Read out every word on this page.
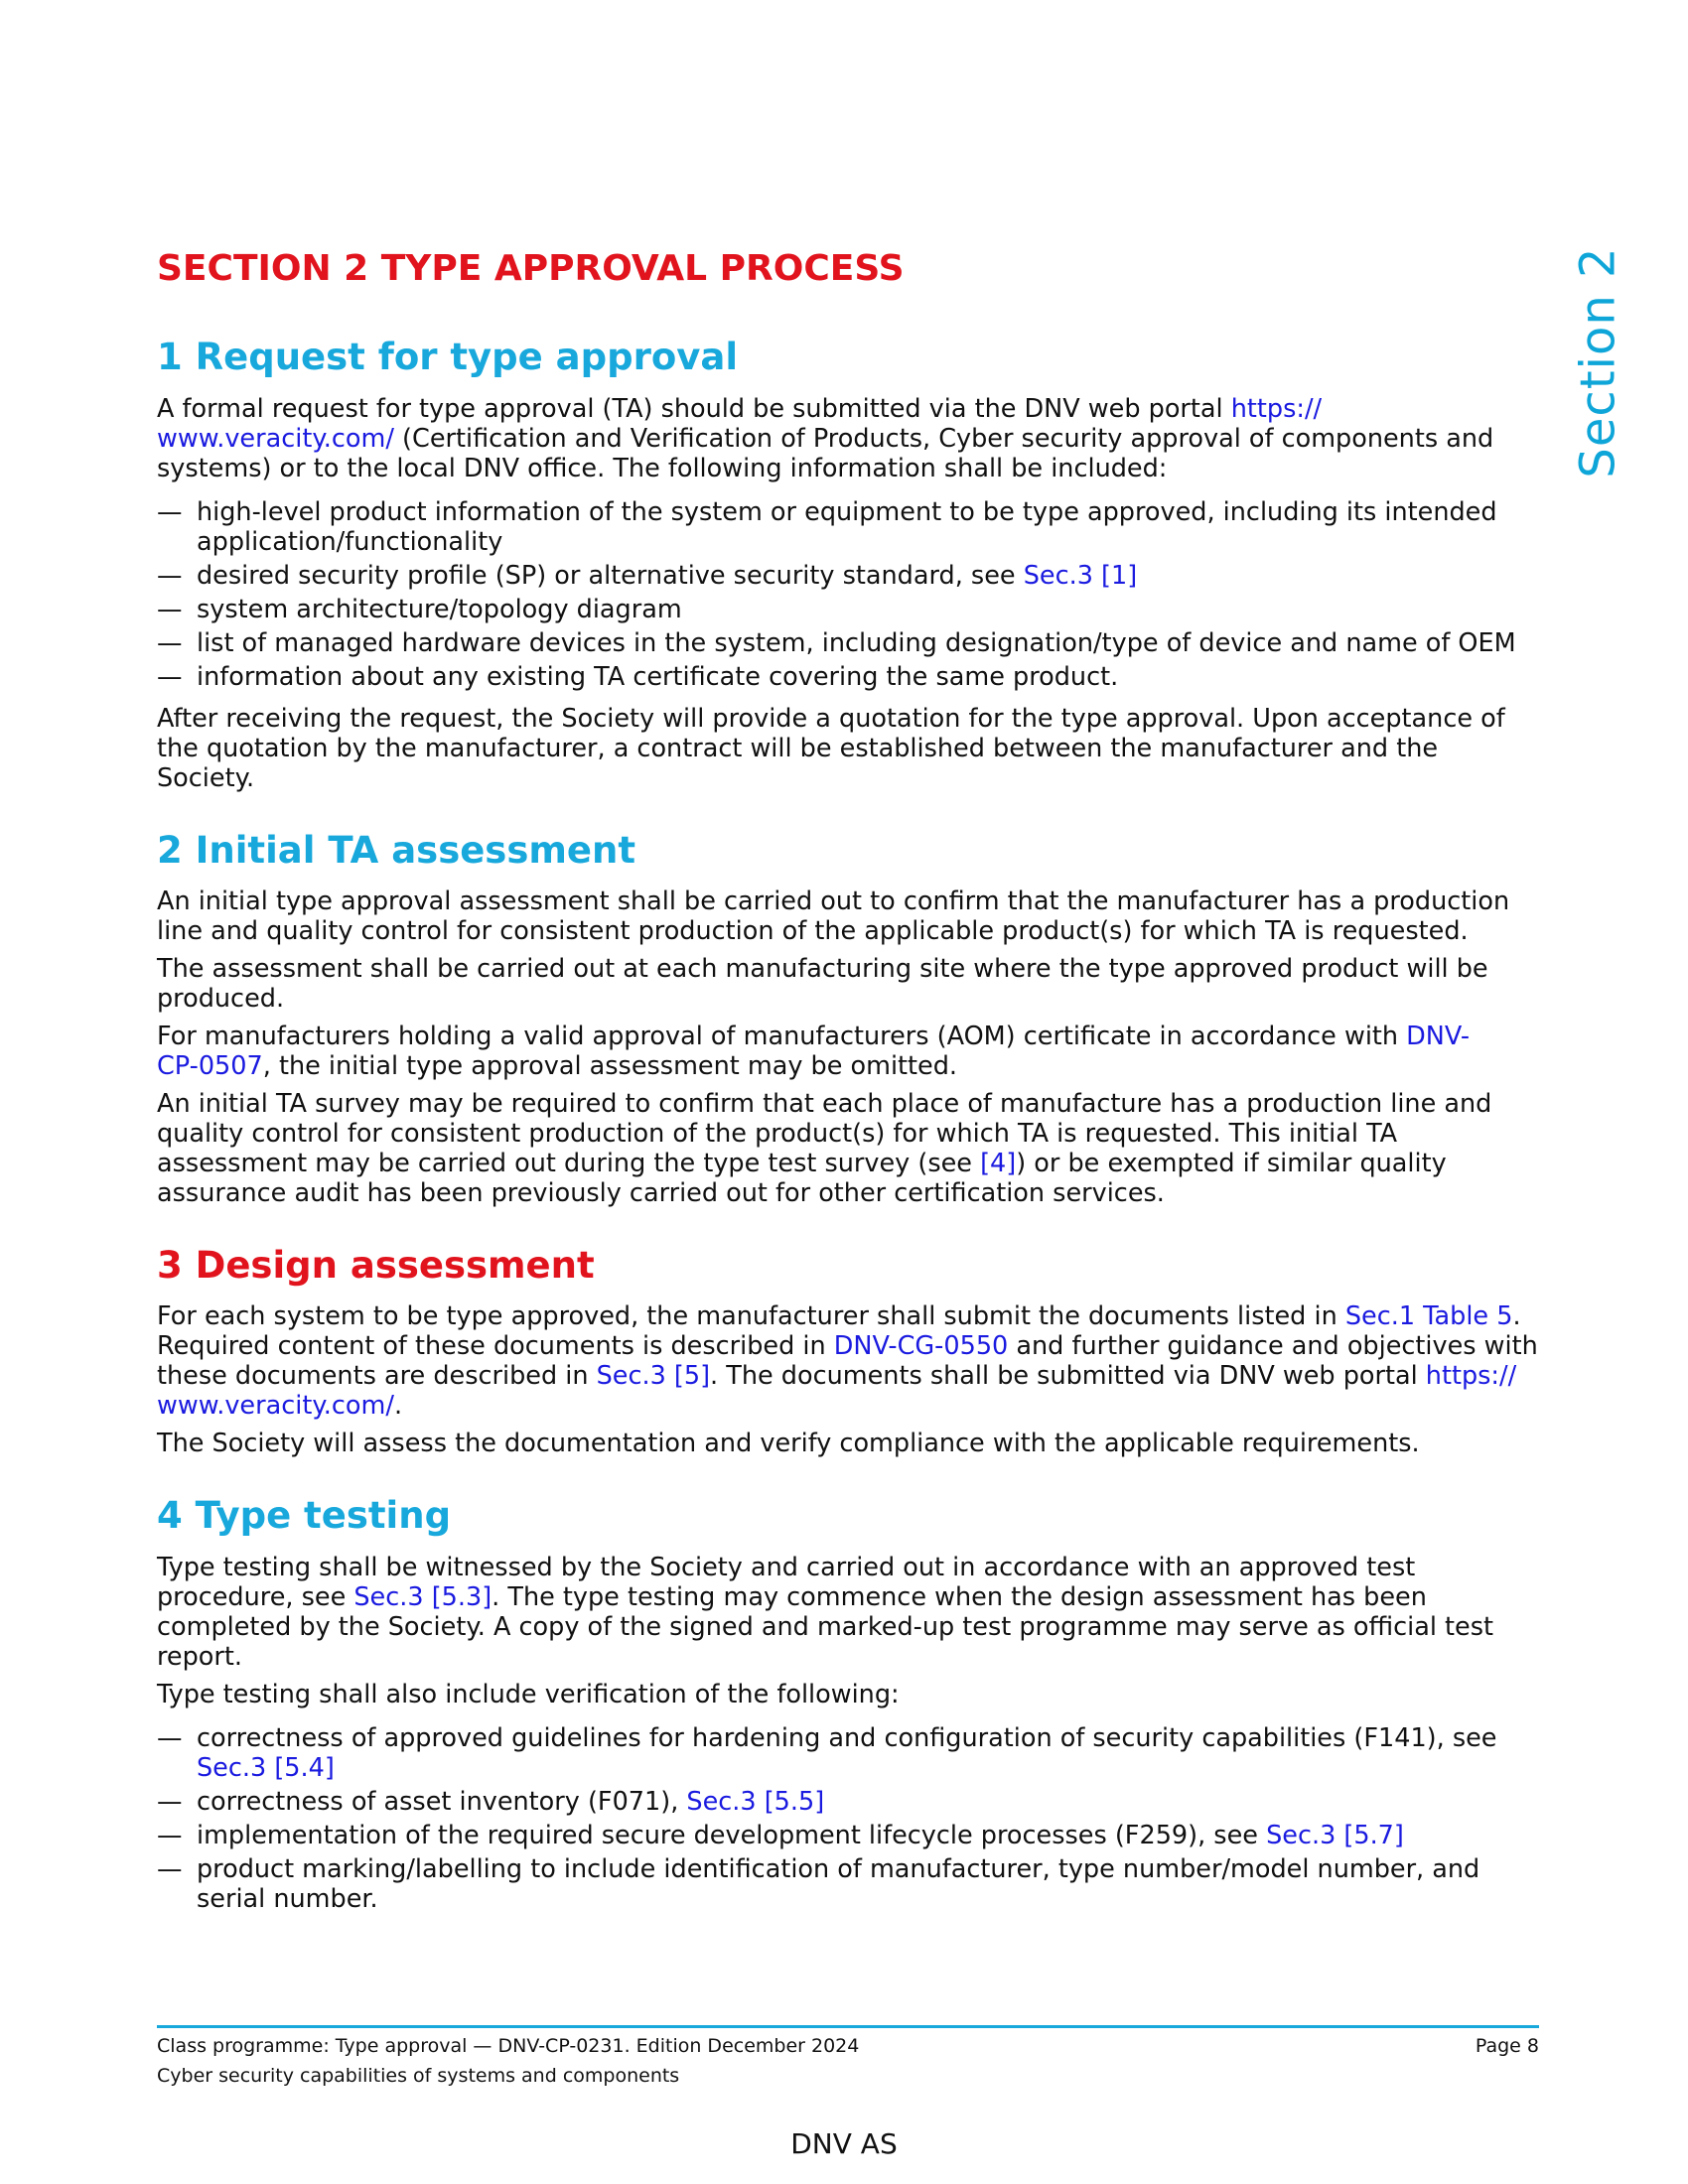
Section 2
SECTION 2 TYPE APPROVAL PROCESS
1 Request for type approval

A formal request for type approval (TA) should be submitted via the DNV web portal https://
www.veracity.com/ (Certification and Verification of Products, Cyber security approval of components and systems) or to the local DNV office. The following information shall be included:

— high-level product information of the system or equipment to be type approved, including its intended application/functionality
— desired security profile (SP) or alternative security standard, see Sec.3 [1]
— system architecture/topology diagram
— list of managed hardware devices in the system, including designation/type of device and name of OEM
— information about any existing TA certificate covering the same product.

After receiving the request, the Society will provide a quotation for the type approval. Upon acceptance of the quotation by the manufacturer, a contract will be established between the manufacturer and the Society.

2 Initial TA assessment

An initial type approval assessment shall be carried out to confirm that the manufacturer has a production line and quality control for consistent production of the applicable product(s) for which TA is requested.

The assessment shall be carried out at each manufacturing site where the type approved product will be produced.

For manufacturers holding a valid approval of manufacturers (AOM) certificate in accordance with DNV-
CP-0507, the initial type approval assessment may be omitted.

An initial TA survey may be required to confirm that each place of manufacture has a production line and quality control for consistent production of the product(s) for which TA is requested. This initial TA assessment may be carried out during the type test survey (see [4]) or be exempted if similar quality assurance audit has been previously carried out for other certification services.

3 Design assessment

For each system to be type approved, the manufacturer shall submit the documents listed in Sec.1 Table 5. Required content of these documents is described in DNV-CG-0550 and further guidance and objectives with these documents are described in Sec.3 [5]. The documents shall be submitted via DNV web portal https://
www.veracity.com/.

The Society will assess the documentation and verify compliance with the applicable requirements.

4 Type testing

Type testing shall be witnessed by the Society and carried out in accordance with an approved test procedure, see Sec.3 [5.3]. The type testing may commence when the design assessment has been completed by the Society. A copy of the signed and marked-up test programme may serve as official test report.

Type testing shall also include verification of the following:

— correctness of approved guidelines for hardening and configuration of security capabilities (F141), see
Sec.3 [5.4]
— correctness of asset inventory (F071), Sec.3 [5.5]
— implementation of the required secure development lifecycle processes (F259), see Sec.3 [5.7]
— product marking/labelling to include identification of manufacturer, type number/model number, and serial number.
Class programme: Type approval — DNV-CP-0231. Edition December 2024
Cyber security capabilities of systems and components
Page 8
DNV AS
